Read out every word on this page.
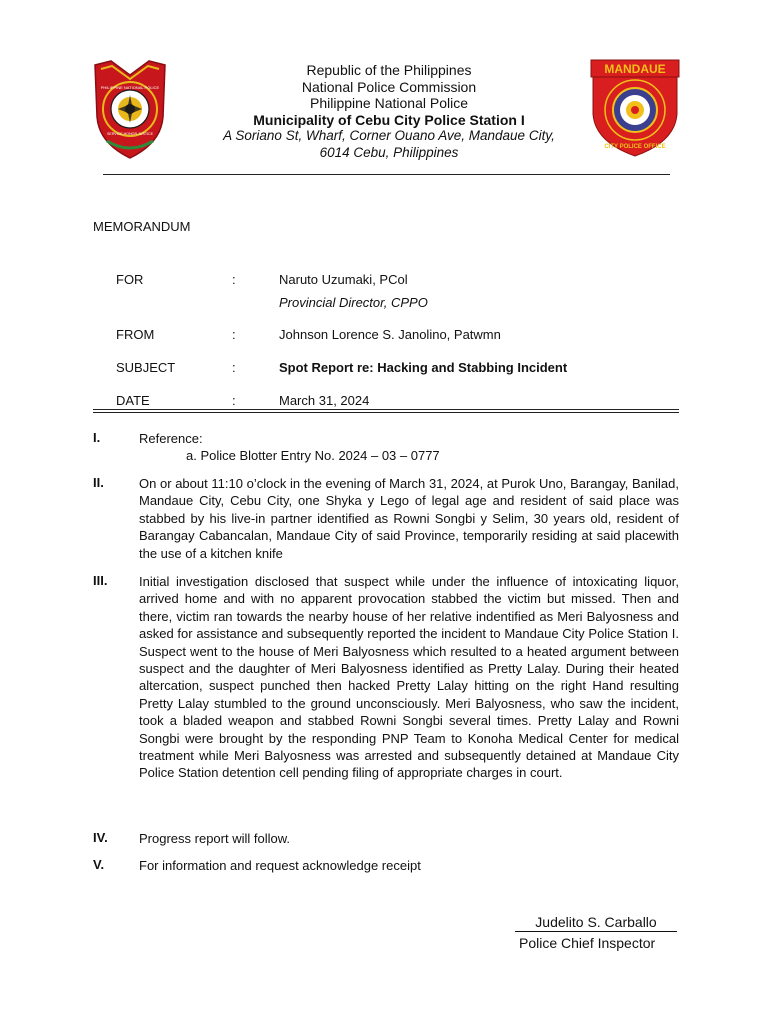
PHILIPPINE NATIONAL POLICE
SERVICE HONOR JUSTICE
MANDAUE
CITY POLICE OFFICE
Republic of the Philippines
National Police Commission
Philippine National Police
Municipality of Cebu City Police Station I
A Soriano St, Wharf, Corner Ouano Ave, Mandaue City,
6014 Cebu, Philippines
MEMORANDUM
FOR	:	Naruto Uzumaki, PCol
Provincial Director, CPPO
FROM	:	Johnson Lorence S. Janolino, Patwmn
SUBJECT	:	Spot Report re: Hacking and Stabbing Incident
DATE	:	March 31, 2024
I.	Reference:
a. Police Blotter Entry No. 2024 – 03 – 0777
II.	On or about 11:10 o’clock in the evening of March 31, 2024, at Purok Uno, Barangay, Banilad, Mandaue City, Cebu City, one Shyka y Lego of legal age and resident of said place was stabbed by his live-in partner identified as Rowni Songbi y Selim, 30 years old, resident of Barangay Cabancalan, Mandaue City of said Province, temporarily residing at said placewith the use of a kitchen knife
III. Initial investigation disclosed that suspect while under the influence of intoxicating liquor, arrived home and with no apparent provocation stabbed the victim but missed. Then and there, victim ran towards the nearby house of her relative indentified as Meri Balyosness and asked for assistance and subsequently reported the incident to Mandaue City Police Station I. Suspect went to the house of Meri Balyosness which resulted to a heated argument between suspect and the daughter of Meri Balyosness identified as Pretty Lalay. During their heated altercation, suspect punched then hacked Pretty Lalay hitting on the right Hand resulting Pretty Lalay stumbled to the ground unconsciously. Meri Balyosness, who saw the incident, took a bladed weapon and stabbed Rowni Songbi several times. Pretty Lalay and Rowni Songbi were brought by the responding PNP Team to Konoha Medical Center for medical treatment while Meri Balyosness was arrested and subsequently detained at Mandaue City Police Station detention cell pending filing of appropriate charges in court.
IV. Progress report will follow.
V.	For information and request acknowledge receipt
Judelito S. Carballo
Police Chief Inspector
